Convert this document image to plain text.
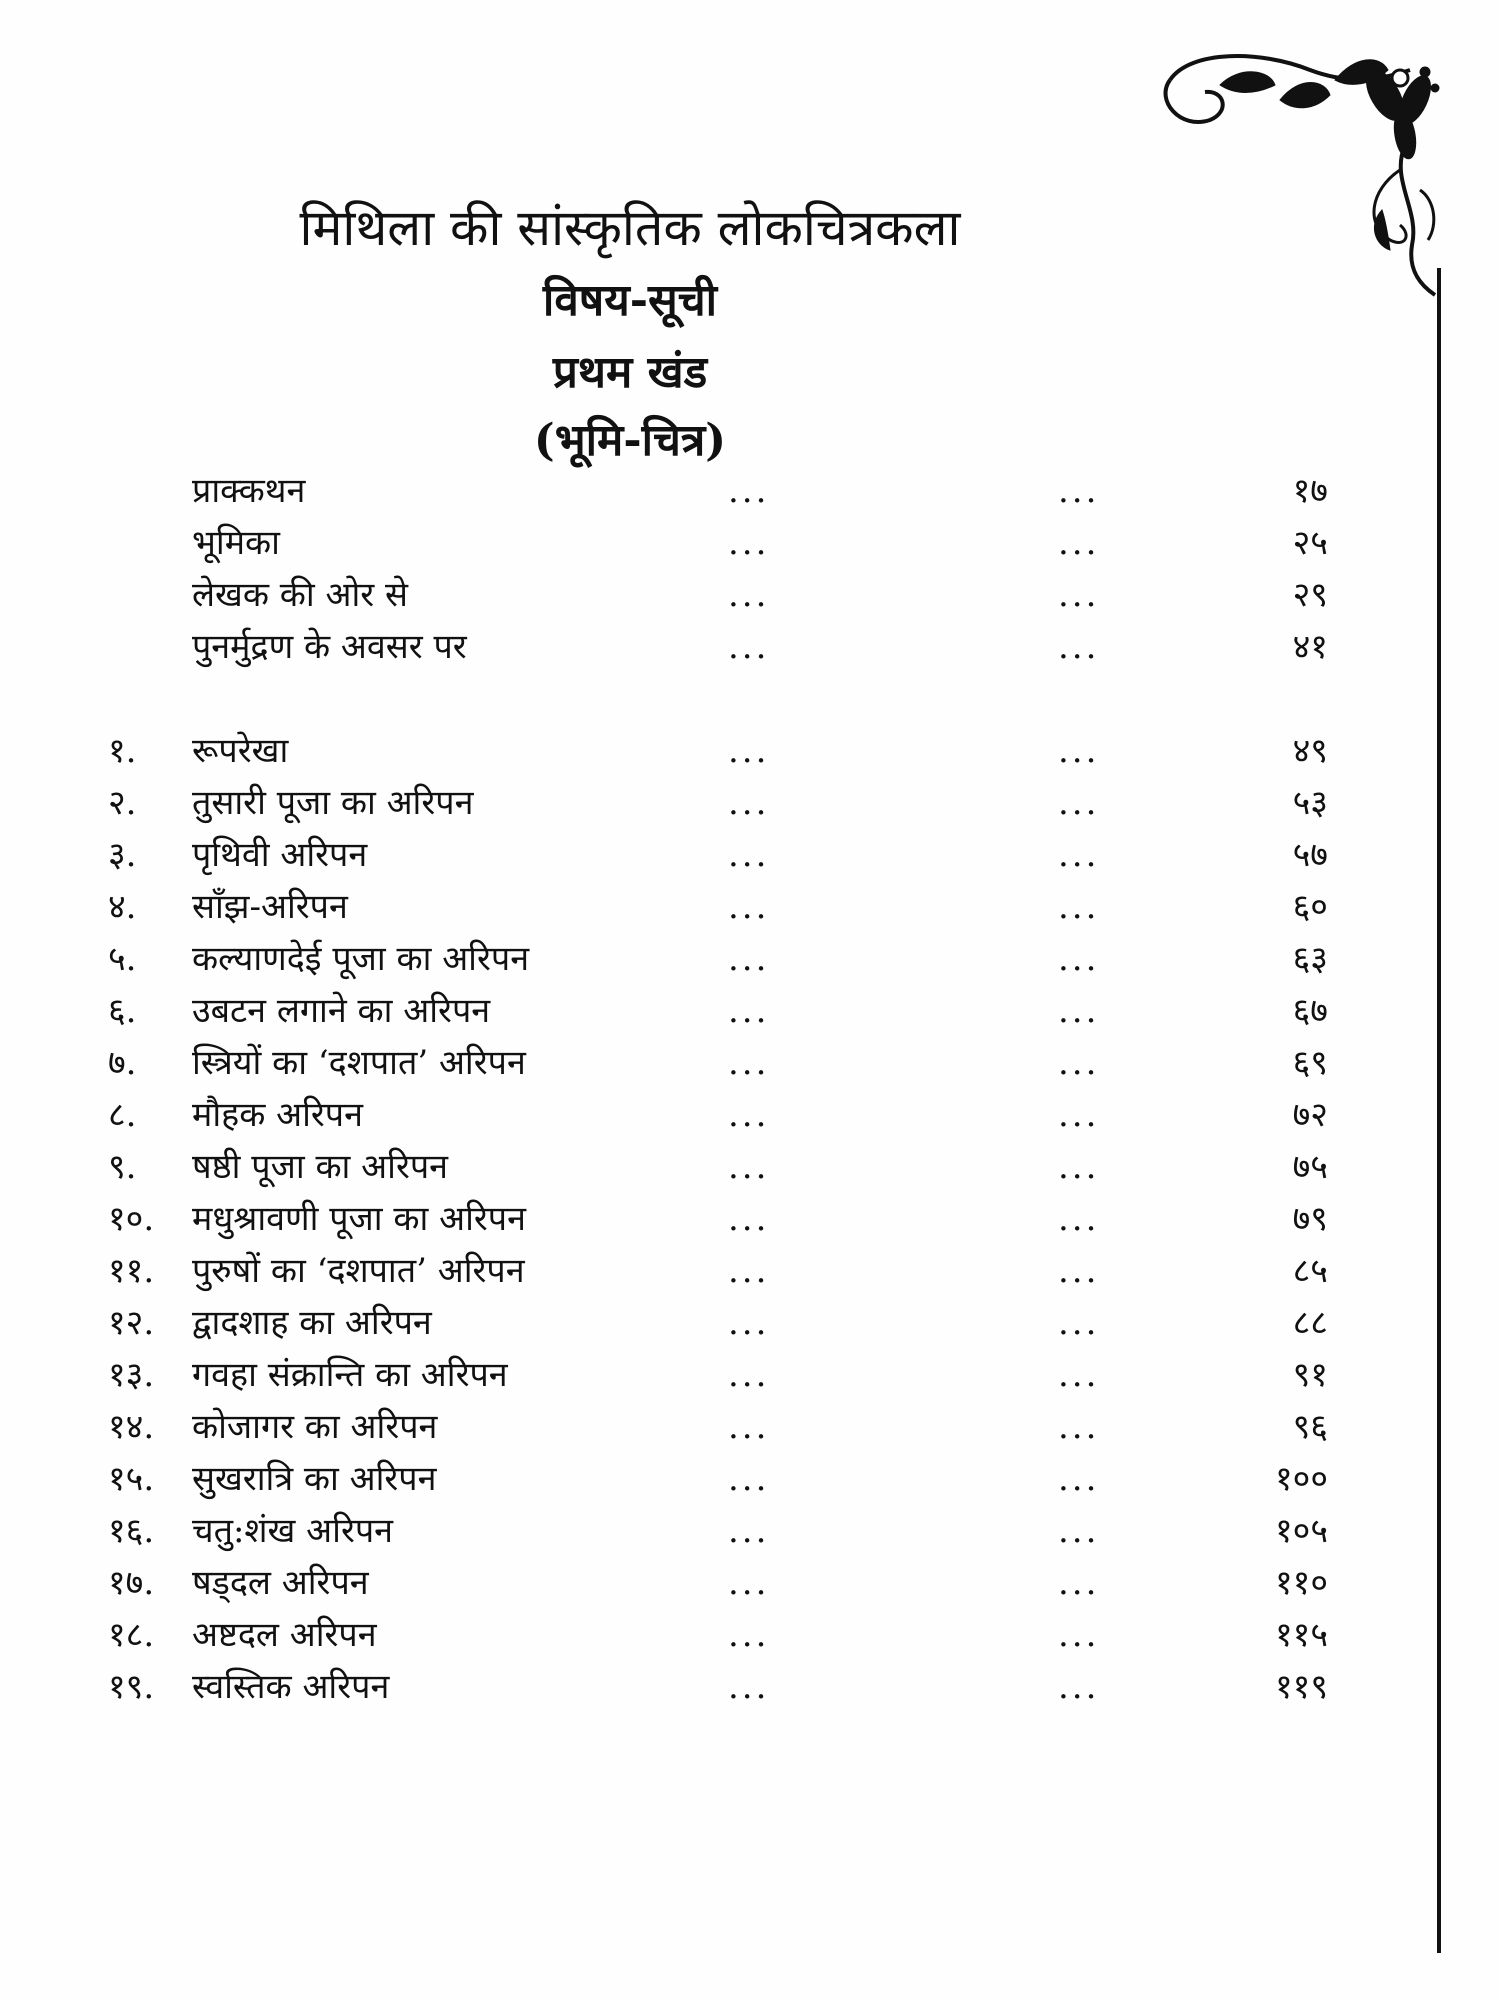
मिथिला की सांस्कृतिक लोकचित्रकला
विषय-सूची
प्रथम खंड
(भूमि-चित्र)
प्राक्कथन	...	...	१७
भूमिका	...	...	२५
लेखक की ओर से	...	...	२९
पुनर्मुद्रण के अवसर पर	...	...	४१
१.	रूपरेखा	...	...	४९
२.	तुसारी पूजा का अरिपन	...	...	५३
३.	पृथिवी अरिपन	...	...	५७
४.	साँझ-अरिपन	...	...	६०
५.	कल्याणदेई पूजा का अरिपन	...	...	६३
६.	उबटन लगाने का अरिपन	...	...	६७
७.	स्त्रियों का ‘दशपात’ अरिपन	...	...	६९
८.	मौहक अरिपन	...	...	७२
९.	षष्ठी पूजा का अरिपन	...	...	७५
१०.	मधुश्रावणी पूजा का अरिपन	...	...	७९
११.	पुरुषों का ‘दशपात’ अरिपन	...	...	८५
१२.	द्वादशाह का अरिपन	...	...	८८
१३.	गवहा संक्रान्ति का अरिपन	...	...	९१
१४.	कोजागर का अरिपन	...	...	९६
१५.	सुखरात्रि का अरिपन	...	...	१००
१६.	चतु:शंख अरिपन	...	...	१०५
१७.	षड्दल अरिपन	...	...	११०
१८.	अष्टदल अरिपन	...	...	११५
१९.	स्वस्तिक अरिपन	...	...	११९
